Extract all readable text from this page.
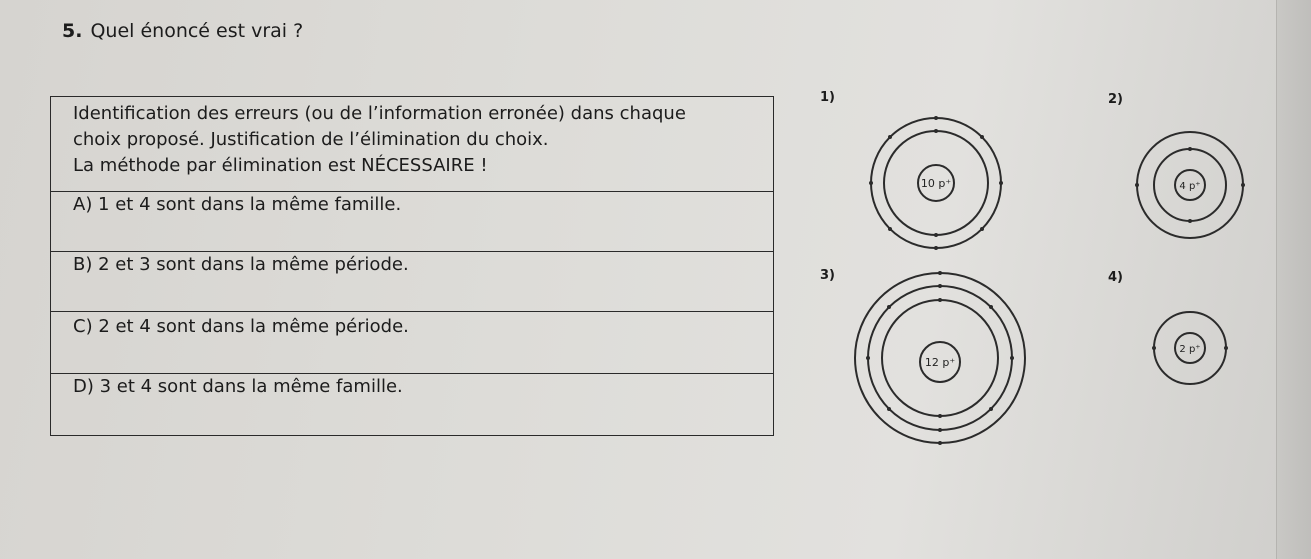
5. Quel énoncé est vrai ?
Identification des erreurs (ou de l’information erronée) dans chaque
choix proposé. Justification de l’élimination du choix.
La méthode par élimination est NÉCESSAIRE !
A) 1 et 4 sont dans la même famille.
B) 2 et 3 sont dans la même période.
C) 2 et 4 sont dans la même période.
D) 3 et 4 sont dans la même famille.
1)	2)
3)	4)
10 p⁺	4 p⁺
12 p⁺
2 p⁺
